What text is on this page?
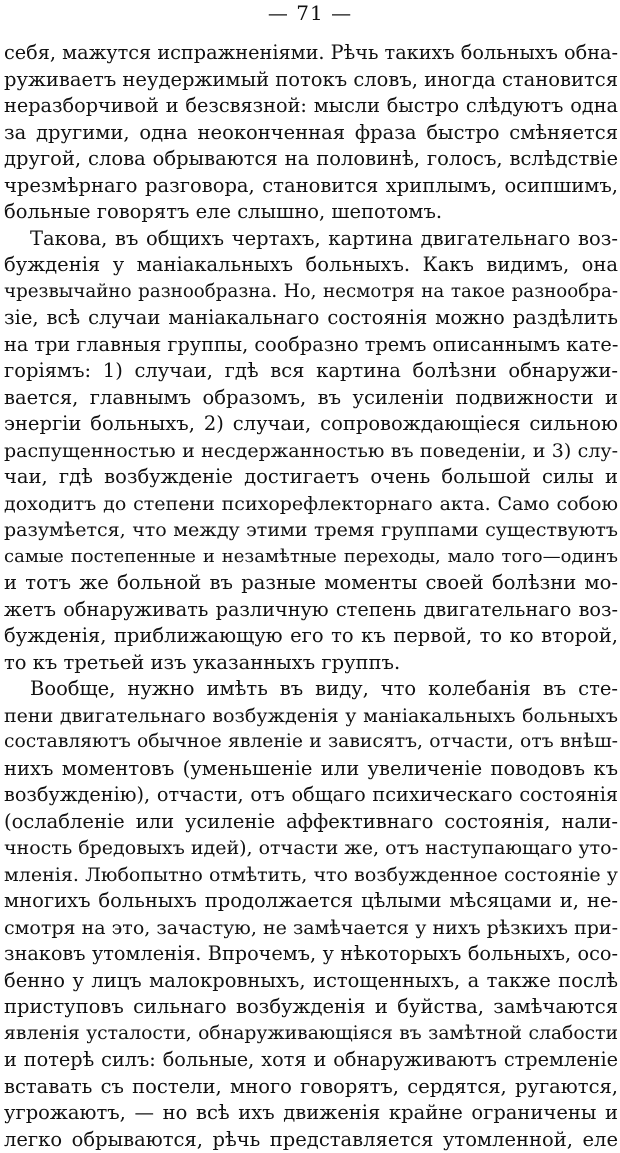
— 71 —
себя, мажутся испражненіями. Рѣчь такихъ больныхъ обна-
руживаетъ неудержимый потокъ словъ, иногда становится
неразборчивой и безсвязной: мысли быстро слѣдуютъ одна
за другими, одна неоконченная фраза быстро смѣняется
другой, слова обрываются на половинѣ, голосъ, вслѣдствіе
чрезмѣрнаго разговора, становится хриплымъ, осипшимъ,
больные говорятъ еле слышно, шепотомъ.
Такова, въ общихъ чертахъ, картина двигательнаго воз-
бужденія у маніакальныхъ больныхъ. Какъ видимъ, она
чрезвычайно разнообразна. Но, несмотря на такое разнообра-
зіе, всѣ случаи маніакальнаго состоянія можно раздѣлить
на три главныя группы, сообразно тремъ описаннымъ кате-
горіямъ: 1) случаи, гдѣ вся картина болѣзни обнаружи-
вается, главнымъ образомъ, въ усиленіи подвижности и
энергіи больныхъ, 2) случаи, сопровождающіеся сильною
распущенностью и несдержанностью въ поведеніи, и 3) слу-
чаи, гдѣ возбужденіе достигаетъ очень большой силы и
доходитъ до степени психорефлекторнаго акта. Само собою
разумѣется, что между этими тремя группами существуютъ
самые постепенные и незамѣтные переходы, мало того—одинъ
и тотъ же больной въ разные моменты своей болѣзни мо-
жетъ обнаруживать различную степень двигательнаго воз-
бужденія, приближающую его то къ первой, то ко второй,
то къ третьей изъ указанныхъ группъ.
Вообще, нужно имѣть въ виду, что колебанія въ сте-
пени двигательнаго возбужденія у маніакальныхъ больныхъ
составляютъ обычное явленіе и зависятъ, отчасти, отъ внѣш-
нихъ моментовъ (уменьшеніе или увеличеніе поводовъ къ
возбужденію), отчасти, отъ общаго психическаго состоянія
(ослабленіе или усиленіе аффективнаго состоянія, нали-
чность бредовыхъ идей), отчасти же, отъ наступающаго уто-
мленія. Любопытно отмѣтить, что возбужденное состояніе у
многихъ больныхъ продолжается цѣлыми мѣсяцами и, не-
смотря на это, зачастую, не замѣчается у нихъ рѣзкихъ при-
знаковъ утомленія. Впрочемъ, у нѣкоторыхъ больныхъ, осо-
бенно у лицъ малокровныхъ, истощенныхъ, а также послѣ
приступовъ сильнаго возбужденія и буйства, замѣчаются
явленія усталости, обнаруживающіяся въ замѣтной слабости
и потерѣ силъ: больные, хотя и обнаруживаютъ стремленіе
вставать съ постели, много говорятъ, сердятся, ругаются,
угрожаютъ, — но всѣ ихъ движенія крайне ограничены и
легко обрываются, рѣчь представляется утомленной, еле
